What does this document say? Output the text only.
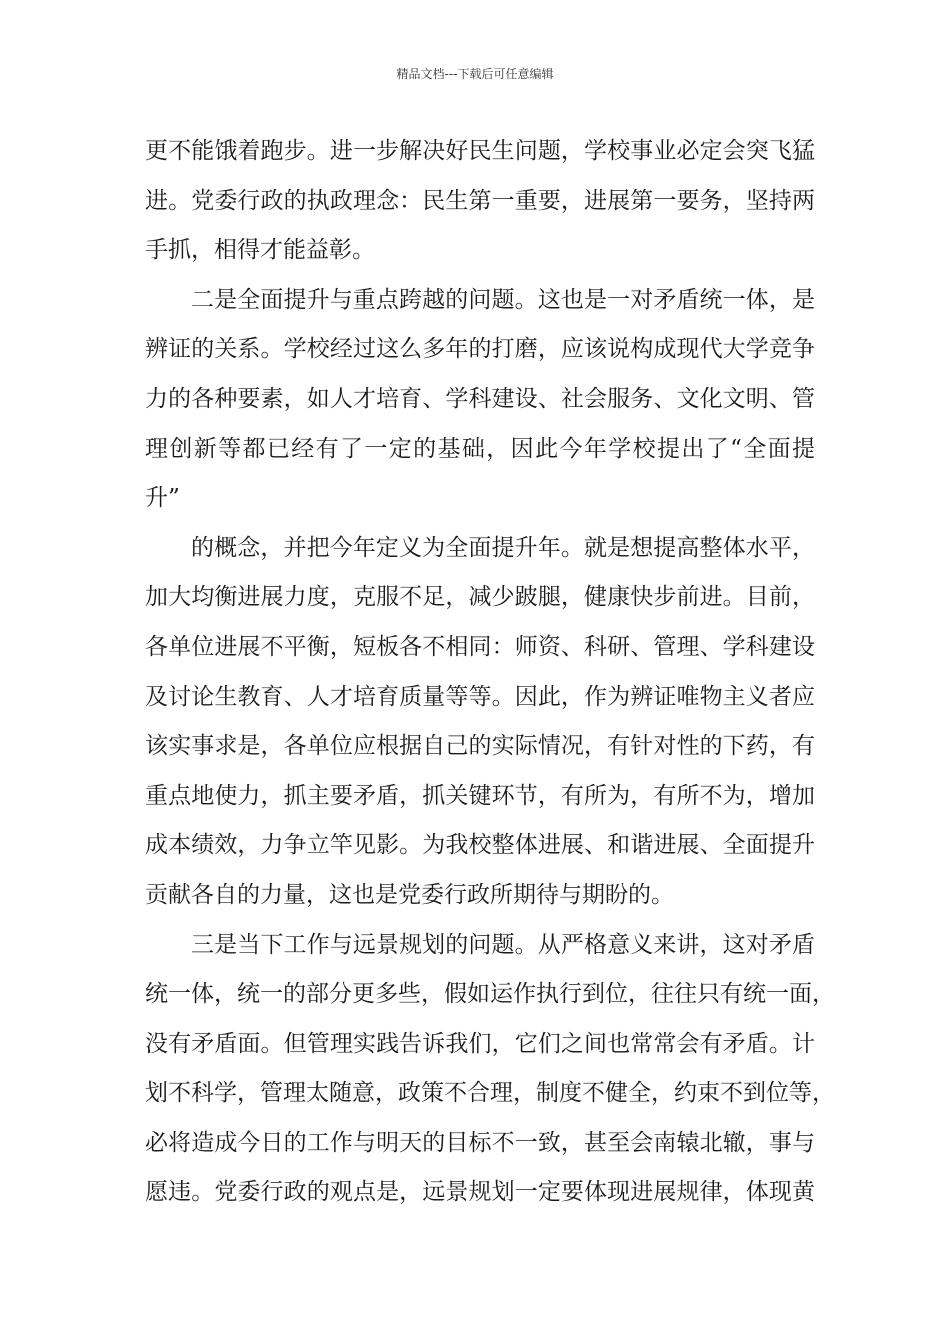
精品文档---下载后可任意编辑
更不能饿着跑步。进一步解决好民生问题，学校事业必定会突飞猛
进。党委行政的执政理念：民生第一重要，进展第一要务，坚持两
手抓，相得才能益彰。
二是全面提升与重点跨越的问题。这也是一对矛盾统一体，是
辨证的关系。学校经过这么多年的打磨，应该说构成现代大学竞争
力的各种要素，如人才培育、学科建设、社会服务、文化文明、管
理创新等都已经有了一定的基础，因此今年学校提出了“全面提
升”
的概念，并把今年定义为全面提升年。就是想提高整体水平，
加大均衡进展力度，克服不足，减少跛腿，健康快步前进。目前，
各单位进展不平衡，短板各不相同：师资、科研、管理、学科建设
及讨论生教育、人才培育质量等等。因此，作为辨证唯物主义者应
该实事求是，各单位应根据自己的实际情况，有针对性的下药，有
重点地使力，抓主要矛盾，抓关键环节，有所为，有所不为，增加
成本绩效，力争立竿见影。为我校整体进展、和谐进展、全面提升
贡献各自的力量，这也是党委行政所期待与期盼的。
三是当下工作与远景规划的问题。从严格意义来讲，这对矛盾
统一体，统一的部分更多些，假如运作执行到位，往往只有统一面，
没有矛盾面。但管理实践告诉我们，它们之间也常常会有矛盾。计
划不科学，管理太随意，政策不合理，制度不健全，约束不到位等，
必将造成今日的工作与明天的目标不一致，甚至会南辕北辙，事与
愿违。党委行政的观点是，远景规划一定要体现进展规律，体现黄
